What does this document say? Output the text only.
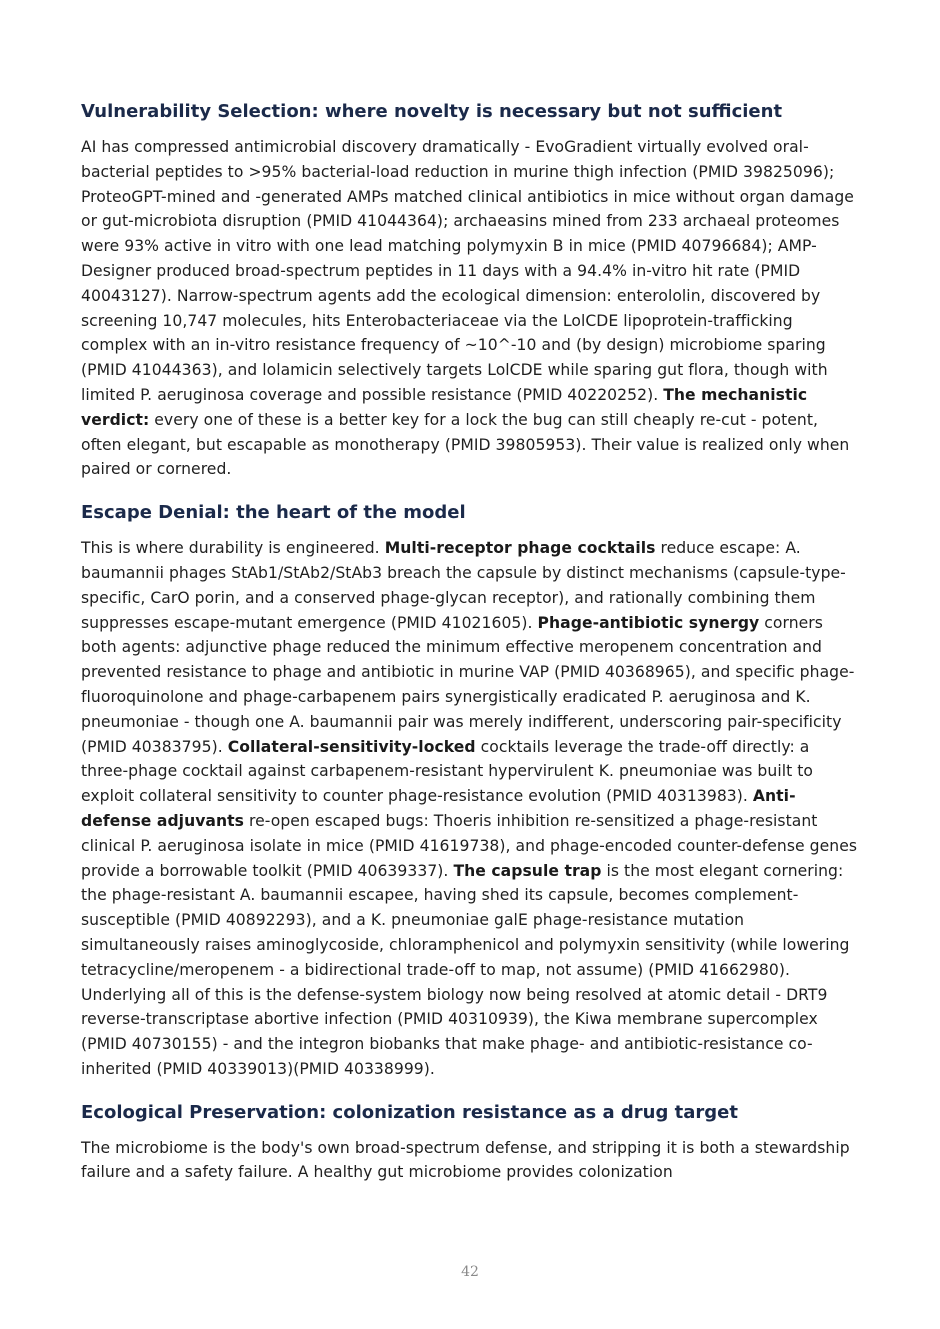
Vulnerability Selection: where novelty is necessary but not sufficient

AI has compressed antimicrobial discovery dramatically - EvoGradient virtually evolved oral-bacterial peptides to >95% bacterial-load reduction in murine thigh infection (PMID 39825096); ProteoGPT-mined and -generated AMPs matched clinical antibiotics in mice without organ damage or gut-microbiota disruption (PMID 41044364); archaeasins mined from 233 archaeal proteomes were 93% active in vitro with one lead matching polymyxin B in mice (PMID 40796684); AMP-Designer produced broad-spectrum peptides in 11 days with a 94.4% in-vitro hit rate (PMID 40043127). Narrow-spectrum agents add the ecological dimension: enterololin, discovered by screening 10,747 molecules, hits Enterobacteriaceae via the LolCDE lipoprotein-trafficking complex with an in-vitro resistance frequency of ~10^-10 and (by design) microbiome sparing (PMID 41044363), and lolamicin selectively targets LolCDE while sparing gut flora, though with limited P. aeruginosa coverage and possible resistance (PMID 40220252). The mechanistic verdict: every one of these is a better key for a lock the bug can still cheaply re-cut - potent, often elegant, but escapable as monotherapy (PMID 39805953). Their value is realized only when paired or cornered.

Escape Denial: the heart of the model

This is where durability is engineered. Multi-receptor phage cocktails reduce escape: A. baumannii phages StAb1/StAb2/StAb3 breach the capsule by distinct mechanisms (capsule-type-specific, CarO porin, and a conserved phage-glycan receptor), and rationally combining them suppresses escape-mutant emergence (PMID 41021605). Phage-antibiotic synergy corners both agents: adjunctive phage reduced the minimum effective meropenem concentration and prevented resistance to phage and antibiotic in murine VAP (PMID 40368965), and specific phage-fluoroquinolone and phage-carbapenem pairs synergistically eradicated P. aeruginosa and K. pneumoniae - though one A. baumannii pair was merely indifferent, underscoring pair-specificity (PMID 40383795). Collateral-sensitivity-locked cocktails leverage the trade-off directly: a three-phage cocktail against carbapenem-resistant hypervirulent K. pneumoniae was built to exploit collateral sensitivity to counter phage-resistance evolution (PMID 40313983). Anti-defense adjuvants re-open escaped bugs: Thoeris inhibition re-sensitized a phage-resistant clinical P. aeruginosa isolate in mice (PMID 41619738), and phage-encoded counter-defense genes provide a borrowable toolkit (PMID 40639337). The capsule trap is the most elegant cornering: the phage-resistant A. baumannii escapee, having shed its capsule, becomes complement-susceptible (PMID 40892293), and a K. pneumoniae galE phage-resistance mutation simultaneously raises aminoglycoside, chloramphenicol and polymyxin sensitivity (while lowering tetracycline/meropenem - a bidirectional trade-off to map, not assume) (PMID 41662980). Underlying all of this is the defense-system biology now being resolved at atomic detail - DRT9 reverse-transcriptase abortive infection (PMID 40310939), the Kiwa membrane supercomplex (PMID 40730155) - and the integron biobanks that make phage- and antibiotic-resistance co-inherited (PMID 40339013)(PMID 40338999).

Ecological Preservation: colonization resistance as a drug target

The microbiome is the body's own broad-spectrum defense, and stripping it is both a stewardship failure and a safety failure. A healthy gut microbiome provides colonization

42
